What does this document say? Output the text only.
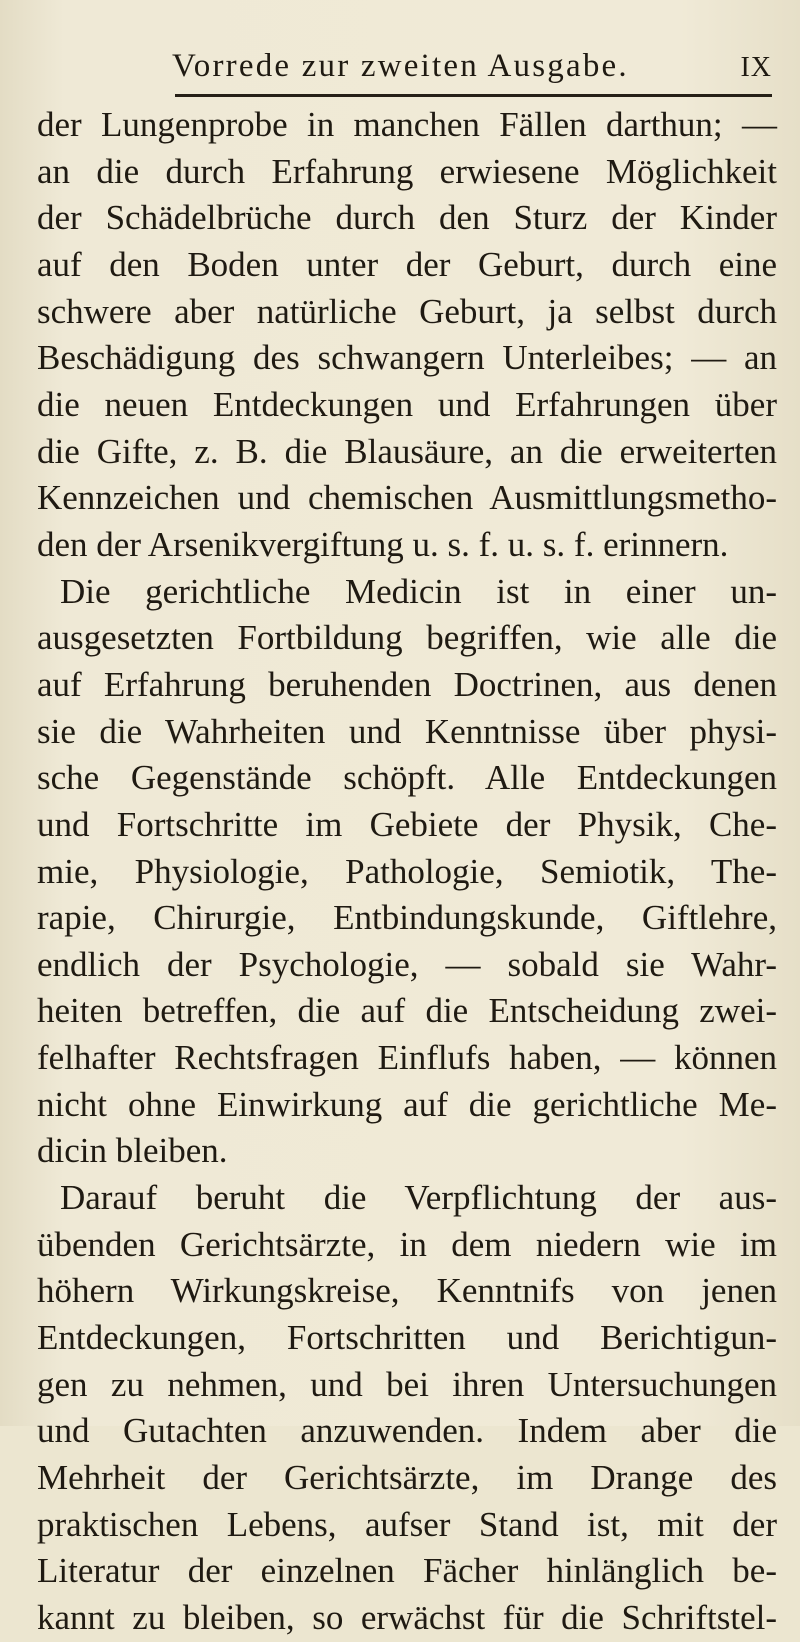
Vorrede zur zweiten Ausgabe.	IX
der Lungenprobe in manchen Fällen darthun; —
an die durch Erfahrung erwiesene Möglichkeit
der Schädelbrüche durch den Sturz der Kinder
auf den Boden unter der Geburt, durch eine
schwere aber natürliche Geburt, ja selbst durch
Beschädigung des schwangern Unterleibes; — an
die neuen Entdeckungen und Erfahrungen über
die Gifte, z. B. die Blausäure, an die erweiterten
Kennzeichen und chemischen Ausmittlungsmetho-
den der Arsenikvergiftung u. s. f. u. s. f. erinnern.
Die gerichtliche Medicin ist in einer un-
ausgesetzten Fortbildung begriffen, wie alle die
auf Erfahrung beruhenden Doctrinen, aus denen
sie die Wahrheiten und Kenntnisse über physi-
sche Gegenstände schöpft. Alle Entdeckungen
und Fortschritte im Gebiete der Physik, Che-
mie, Physiologie, Pathologie, Semiotik, The-
rapie, Chirurgie, Entbindungskunde, Giftlehre,
endlich der Psychologie, — sobald sie Wahr-
heiten betreffen, die auf die Entscheidung zwei-
felhafter Rechtsfragen Einflufs haben, — können
nicht ohne Einwirkung auf die gerichtliche Me-
dicin bleiben.
Darauf beruht die Verpflichtung der aus-
übenden Gerichtsärzte, in dem niedern wie im
höhern Wirkungskreise, Kenntnifs von jenen
Entdeckungen, Fortschritten und Berichtigun-
gen zu nehmen, und bei ihren Untersuchungen
und Gutachten anzuwenden. Indem aber die
Mehrheit der Gerichtsärzte, im Drange des
praktischen Lebens, aufser Stand ist, mit der
Literatur der einzelnen Fächer hinlänglich be-
kannt zu bleiben, so erwächst für die Schriftstel-
